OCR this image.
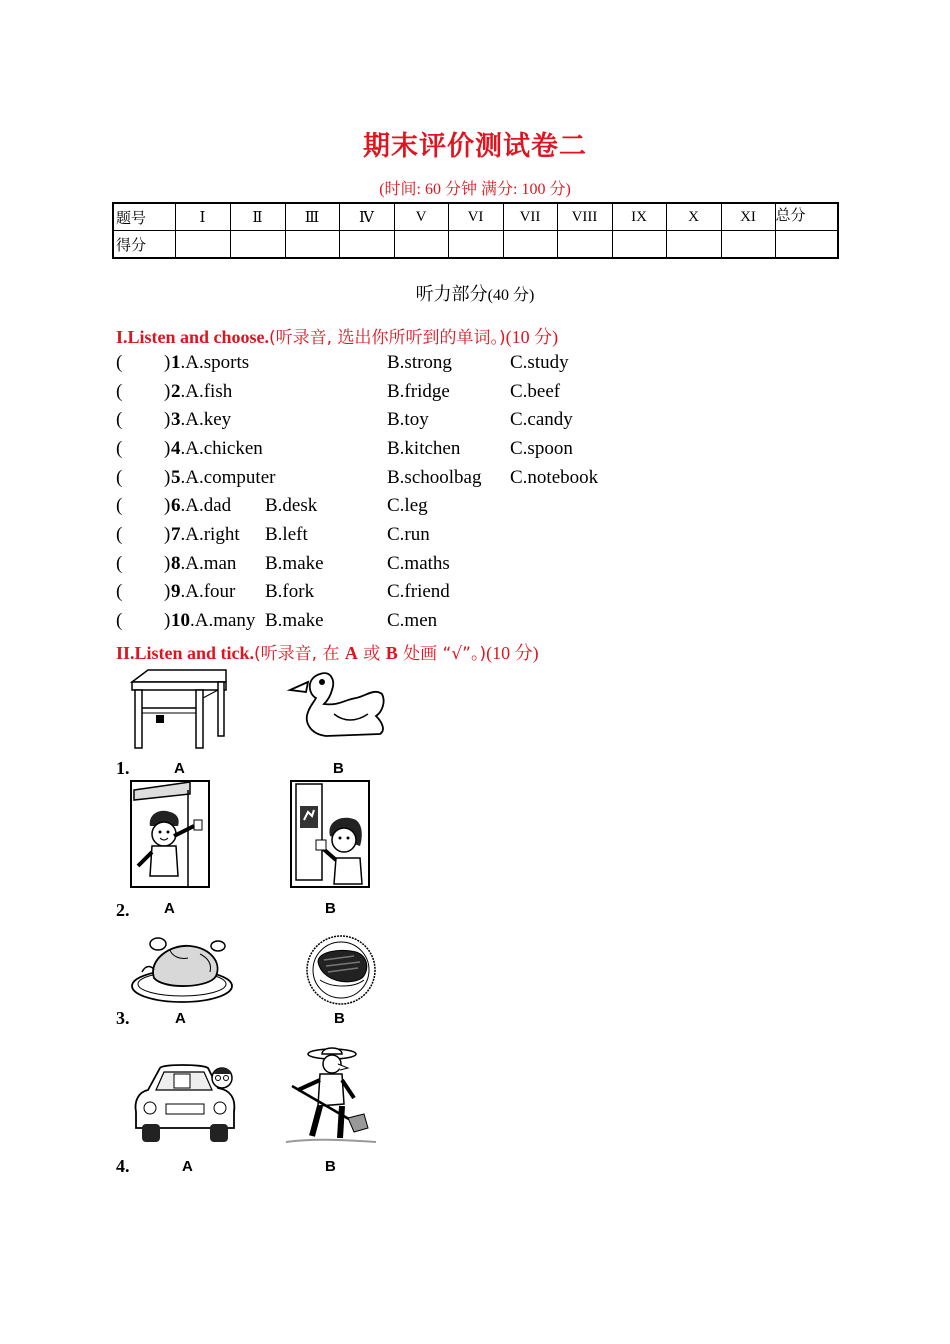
期末评价测试卷二
(时间: 60 分钟 满分: 100 分)
题号	Ⅰ	Ⅱ	Ⅲ	Ⅳ	V	VI	VII	VIII	IX	X	XI	总分
得分												
听力部分(40 分)
I.Listen and choose.(听录音, 选出你所听到的单词。)(10 分)
( ) 1.A.sports	B.strong	C.study
( ) 2.A.fish	B.fridge	C.beef
( ) 3.A.key	B.toy	C.candy
( ) 4.A.chicken	B.kitchen	C.spoon
( ) 5.A.computer	B.schoolbag C.notebook
( ) 6.A.dad B.desk	C.leg
( ) 7.A.right B.left	C.run
( ) 8.A.man B.make	C.maths
( ) 9.A.four B.fork	C.friend
( ) 10.A.many B.make	C.men
II.Listen and tick.(听录音, 在 A 或 B 处画 “√”。)(10 分)
1.	A	B
2. A	B
3.	A	B
4.	A	B
